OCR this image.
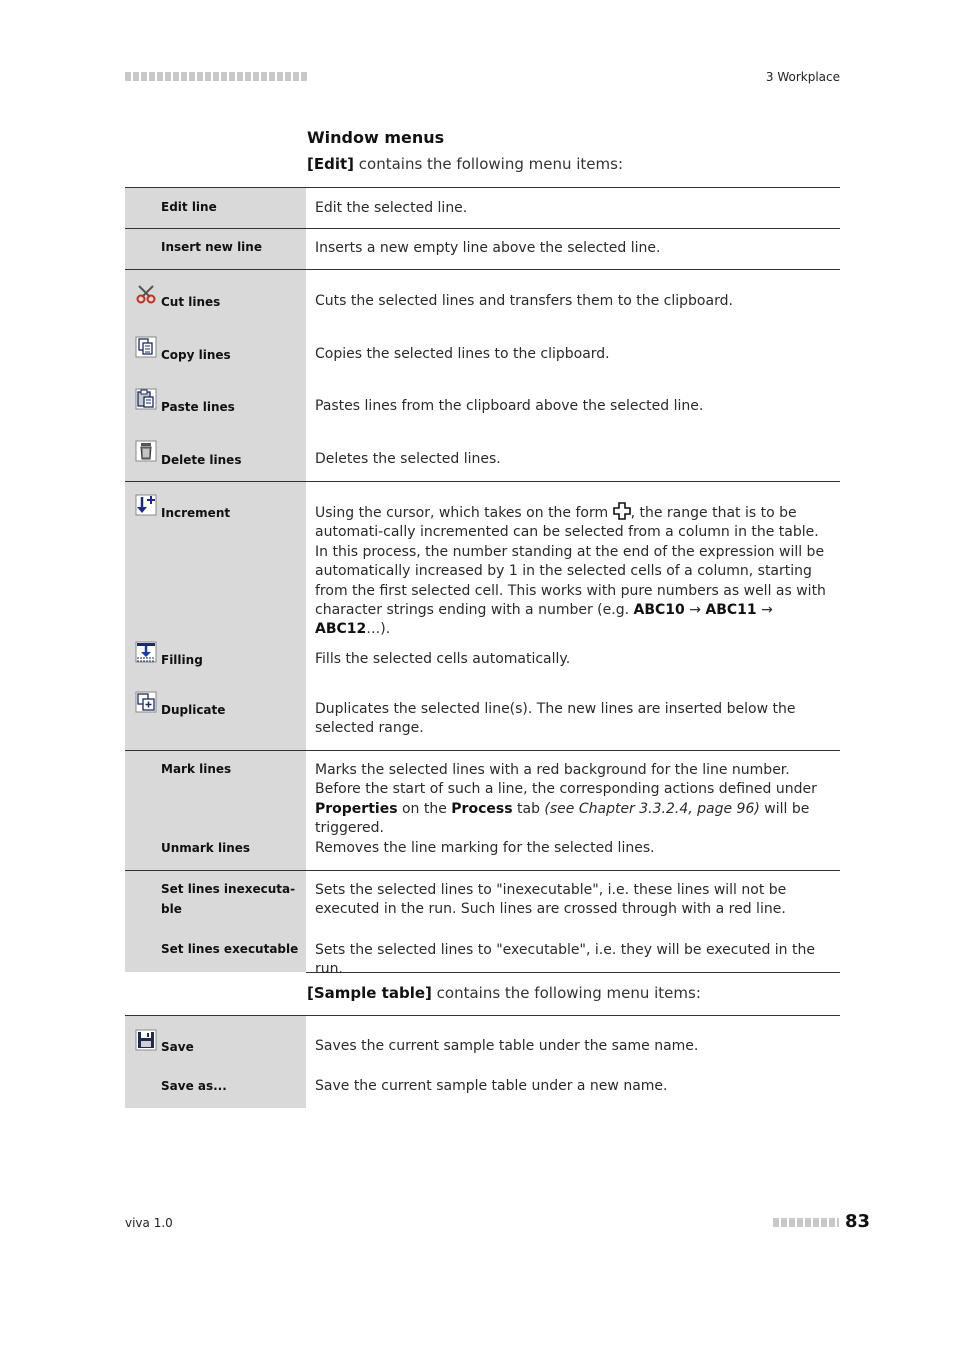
3 Workplace
Window menus
[Edit] contains the following menu items:
Edit line	Edit the selected line.

Insert new line	Inserts a new empty line above the selected line.

Cut lines	Cuts the selected lines and transfers them to the clipboard.

Copy lines	Copies the selected lines to the clipboard.

Paste lines	Pastes lines from the clipboard above the selected line.

Delete lines	Deletes the selected lines.

Increment	Using the cursor, which takes on the form , the range that is to be automati-cally incremented can be selected from a column in the table. In this process, the number standing at the end of the expression will be automatically increased by 1 in the selected cells of a column, starting from the first selected cell. This works with pure numbers as well as with character strings ending with a number (e.g. ABC10 → ABC11 → ABC12…).

Filling	Fills the selected cells automatically.

Duplicate	Duplicates the selected line(s). The new lines are inserted below the selected range.

Mark lines	Marks the selected lines with a red background for the line number. Before the start of such a line, the corresponding actions defined under Properties on the Process tab (see Chapter 3.3.2.4, page 96) will be triggered.

Unmark lines	Removes the line marking for the selected lines.

Set lines inexecuta-
ble	Sets the selected lines to "inexecutable", i.e. these lines will not be executed in the run. Such lines are crossed through with a red line.

Set lines executable	Sets the selected lines to "executable", i.e. they will be executed in the run.
[Sample table] contains the following menu items:
Save	Saves the current sample table under the same name.

Save as...	Save the current sample table under a new name.
viva 1.0	83
